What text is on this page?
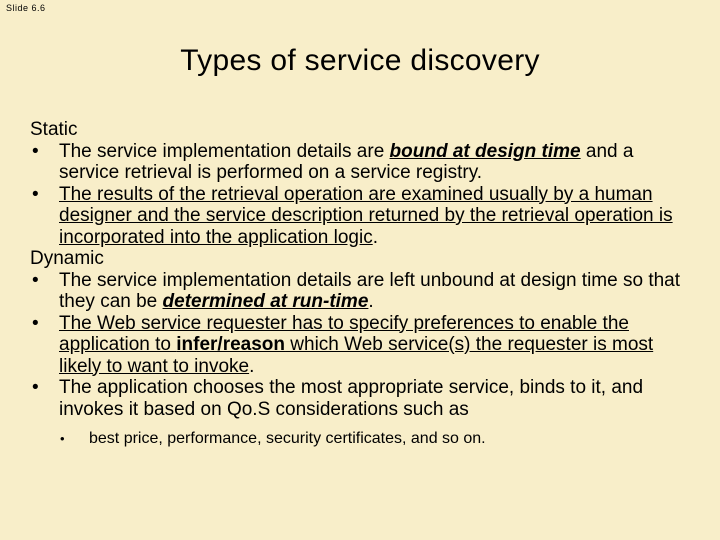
Slide 6.6
Types of service discovery

Static

• The service implementation details are bound at design time and a service retrieval is performed on a service registry.

• The results of the retrieval operation are examined usually by a human designer and the service description returned by the retrieval operation is incorporated into the application logic.

Dynamic

• The service implementation details are left unbound at design time so that they can be determined at run-time.

• The Web service requester has to specify preferences to enable the application to infer/reason which Web service(s) the requester is most likely to want to invoke.

• The application chooses the most appropriate service, binds to it, and invokes it based on Qo.S considerations such as

• best price, performance, security certificates, and so on.
